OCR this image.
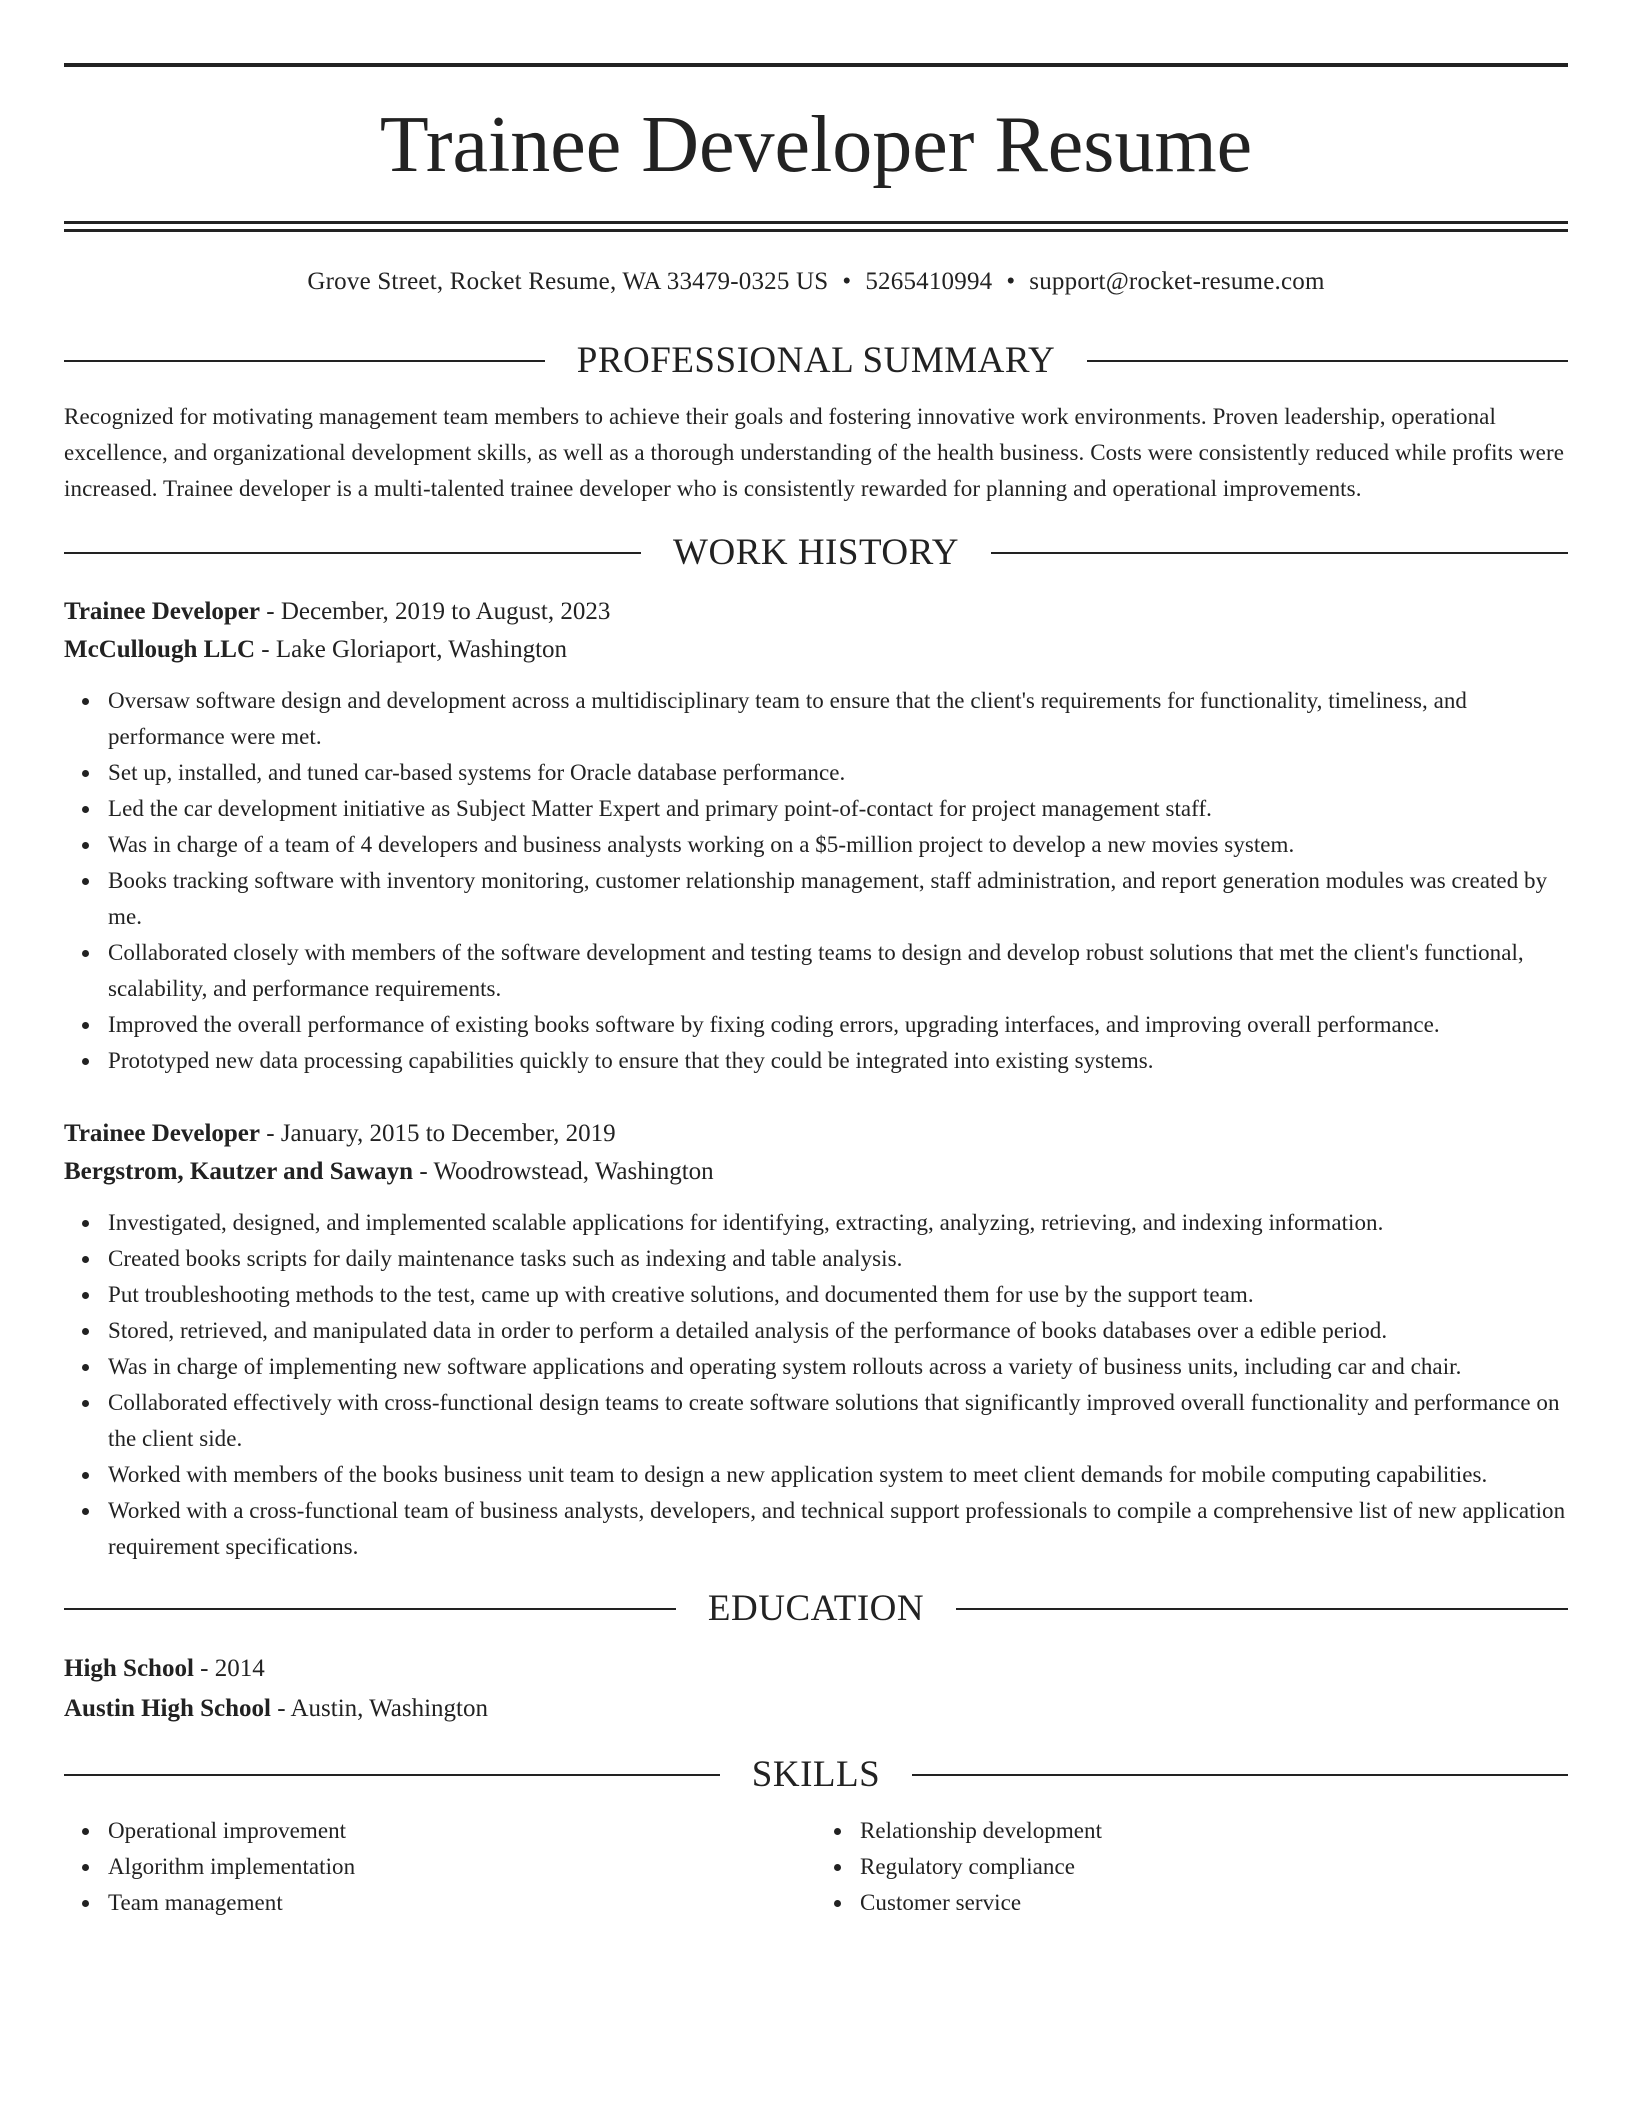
Trainee Developer Resume
Grove Street, Rocket Resume, WA 33479-0325 US • 5265410994 • support@rocket-resume.com
PROFESSIONAL SUMMARY
Recognized for motivating management team members to achieve their goals and fostering innovative work environments. Proven leadership, operational excellence, and organizational development skills, as well as a thorough understanding of the health business. Costs were consistently reduced while profits were increased. Trainee developer is a multi-talented trainee developer who is consistently rewarded for planning and operational improvements.
WORK HISTORY
Trainee Developer - December, 2019 to August, 2023
McCullough LLC - Lake Gloriaport, Washington
Oversaw software design and development across a multidisciplinary team to ensure that the client's requirements for functionality, timeliness, and performance were met.
Set up, installed, and tuned car-based systems for Oracle database performance.
Led the car development initiative as Subject Matter Expert and primary point-of-contact for project management staff.
Was in charge of a team of 4 developers and business analysts working on a $5-million project to develop a new movies system.
Books tracking software with inventory monitoring, customer relationship management, staff administration, and report generation modules was created by me.
Collaborated closely with members of the software development and testing teams to design and develop robust solutions that met the client's functional, scalability, and performance requirements.
Improved the overall performance of existing books software by fixing coding errors, upgrading interfaces, and improving overall performance.
Prototyped new data processing capabilities quickly to ensure that they could be integrated into existing systems.
Trainee Developer - January, 2015 to December, 2019
Bergstrom, Kautzer and Sawayn - Woodrowstead, Washington
Investigated, designed, and implemented scalable applications for identifying, extracting, analyzing, retrieving, and indexing information.
Created books scripts for daily maintenance tasks such as indexing and table analysis.
Put troubleshooting methods to the test, came up with creative solutions, and documented them for use by the support team.
Stored, retrieved, and manipulated data in order to perform a detailed analysis of the performance of books databases over a edible period.
Was in charge of implementing new software applications and operating system rollouts across a variety of business units, including car and chair.
Collaborated effectively with cross-functional design teams to create software solutions that significantly improved overall functionality and performance on the client side.
Worked with members of the books business unit team to design a new application system to meet client demands for mobile computing capabilities.
Worked with a cross-functional team of business analysts, developers, and technical support professionals to compile a comprehensive list of new application requirement specifications.
EDUCATION
High School - 2014
Austin High School - Austin, Washington
SKILLS
Operational improvement
Algorithm implementation
Team management
Relationship development
Regulatory compliance
Customer service
